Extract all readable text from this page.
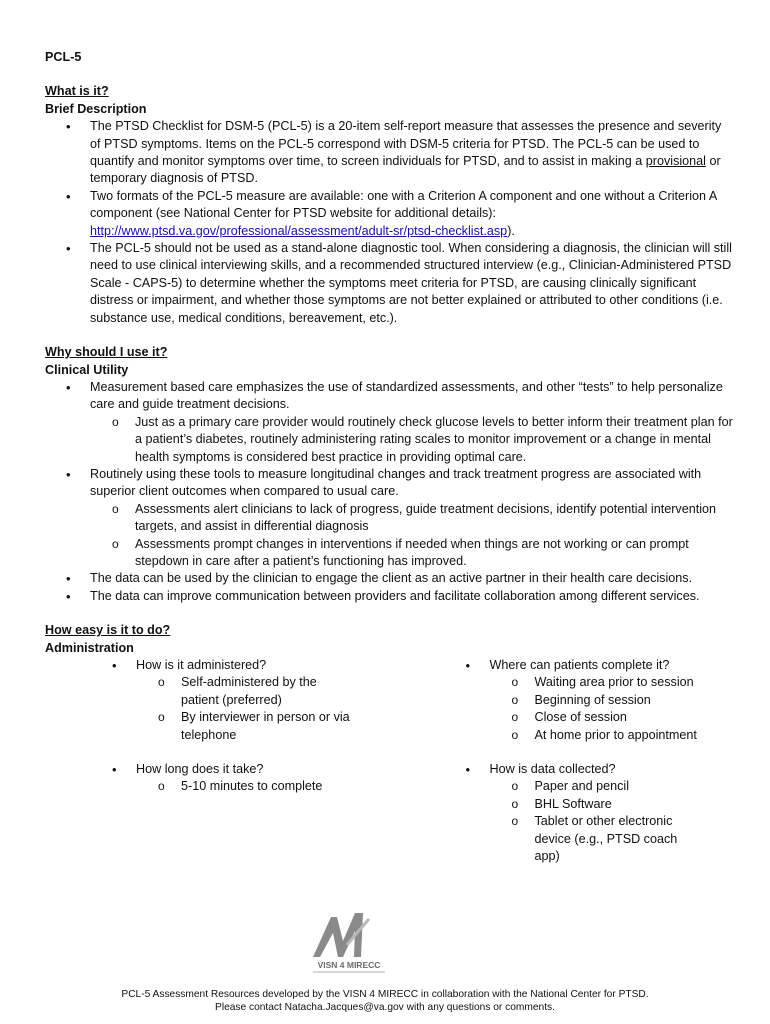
PCL-5
What is it?
Brief Description
• The PTSD Checklist for DSM-5 (PCL-5) is a 20-item self-report measure that assesses the presence and severity of PTSD symptoms. Items on the PCL-5 correspond with DSM-5 criteria for PTSD. The PCL-5 can be used to quantify and monitor symptoms over time, to screen individuals for PTSD, and to assist in making a provisional or temporary diagnosis of PTSD.
• Two formats of the PCL-5 measure are available: one with a Criterion A component and one without a Criterion A component (see National Center for PTSD website for additional details):
http://www.ptsd.va.gov/professional/assessment/adult-sr/ptsd-checklist.asp).
• The PCL-5 should not be used as a stand-alone diagnostic tool. When considering a diagnosis, the clinician will still need to use clinical interviewing skills, and a recommended structured interview (e.g., Clinician-Administered PTSD Scale - CAPS-5) to determine whether the symptoms meet criteria for PTSD, are causing clinically significant distress or impairment, and whether those symptoms are not better explained or attributed to other conditions (i.e. substance use, medical conditions, bereavement, etc.).
Why should I use it?
Clinical Utility
• Measurement based care emphasizes the use of standardized assessments, and other “tests” to help personalize care and guide treatment decisions.
o Just as a primary care provider would routinely check glucose levels to better inform their treatment plan for a patient’s diabetes, routinely administering rating scales to monitor improvement or a change in mental health symptoms is considered best practice in providing optimal care.
• Routinely using these tools to measure longitudinal changes and track treatment progress are associated with superior client outcomes when compared to usual care.
o Assessments alert clinicians to lack of progress, guide treatment decisions, identify potential intervention targets, and assist in differential diagnosis
o Assessments prompt changes in interventions if needed when things are not working or can prompt stepdown in care after a patient’s functioning has improved.
• The data can be used by the clinician to engage the client as an active partner in their health care decisions.
• The data can improve communication between providers and facilitate collaboration among different services.
How easy is it to do?
Administration
• How is it administered?
o Self-administered by the patient (preferred)
o By interviewer in person or via telephone
• How long does it take?
o 5-10 minutes to complete
• Where can patients complete it?
o Waiting area prior to session
o Beginning of session
o Close of session
o At home prior to appointment
• How is data collected?
o Paper and pencil
o BHL Software
o Tablet or other electronic device (e.g., PTSD coach app)
VISN 4 MIRECC
PCL-5 Assessment Resources developed by the VISN 4 MIRECC in collaboration with the National Center for PTSD.
Please contact Natacha.Jacques@va.gov with any questions or comments.
